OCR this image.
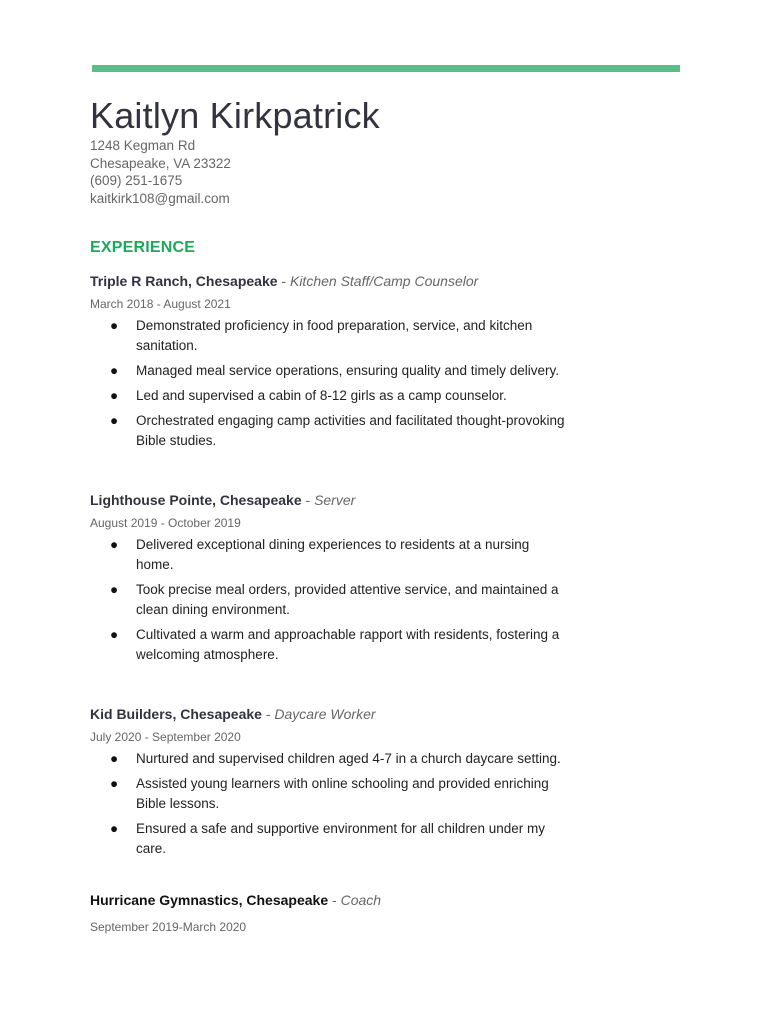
Kaitlyn Kirkpatrick
1248 Kegman Rd
Chesapeake, VA 23322
(609) 251-1675
kaitkirk108@gmail.com
EXPERIENCE
Triple R Ranch, Chesapeake - Kitchen Staff/Camp Counselor
March 2018 - August 2021
● Demonstrated proficiency in food preparation, service, and kitchen sanitation.
● Managed meal service operations, ensuring quality and timely delivery.
● Led and supervised a cabin of 8-12 girls as a camp counselor.
● Orchestrated engaging camp activities and facilitated thought-provoking Bible studies.
Lighthouse Pointe, Chesapeake - Server
August 2019 - October 2019
● Delivered exceptional dining experiences to residents at a nursing home.
● Took precise meal orders, provided attentive service, and maintained a clean dining environment.
● Cultivated a warm and approachable rapport with residents, fostering a welcoming atmosphere.
Kid Builders, Chesapeake - Daycare Worker
July 2020 - September 2020
● Nurtured and supervised children aged 4-7 in a church daycare setting.
● Assisted young learners with online schooling and provided enriching Bible lessons.
● Ensured a safe and supportive environment for all children under my care.
Hurricane Gymnastics, Chesapeake - Coach
September 2019-March 2020
